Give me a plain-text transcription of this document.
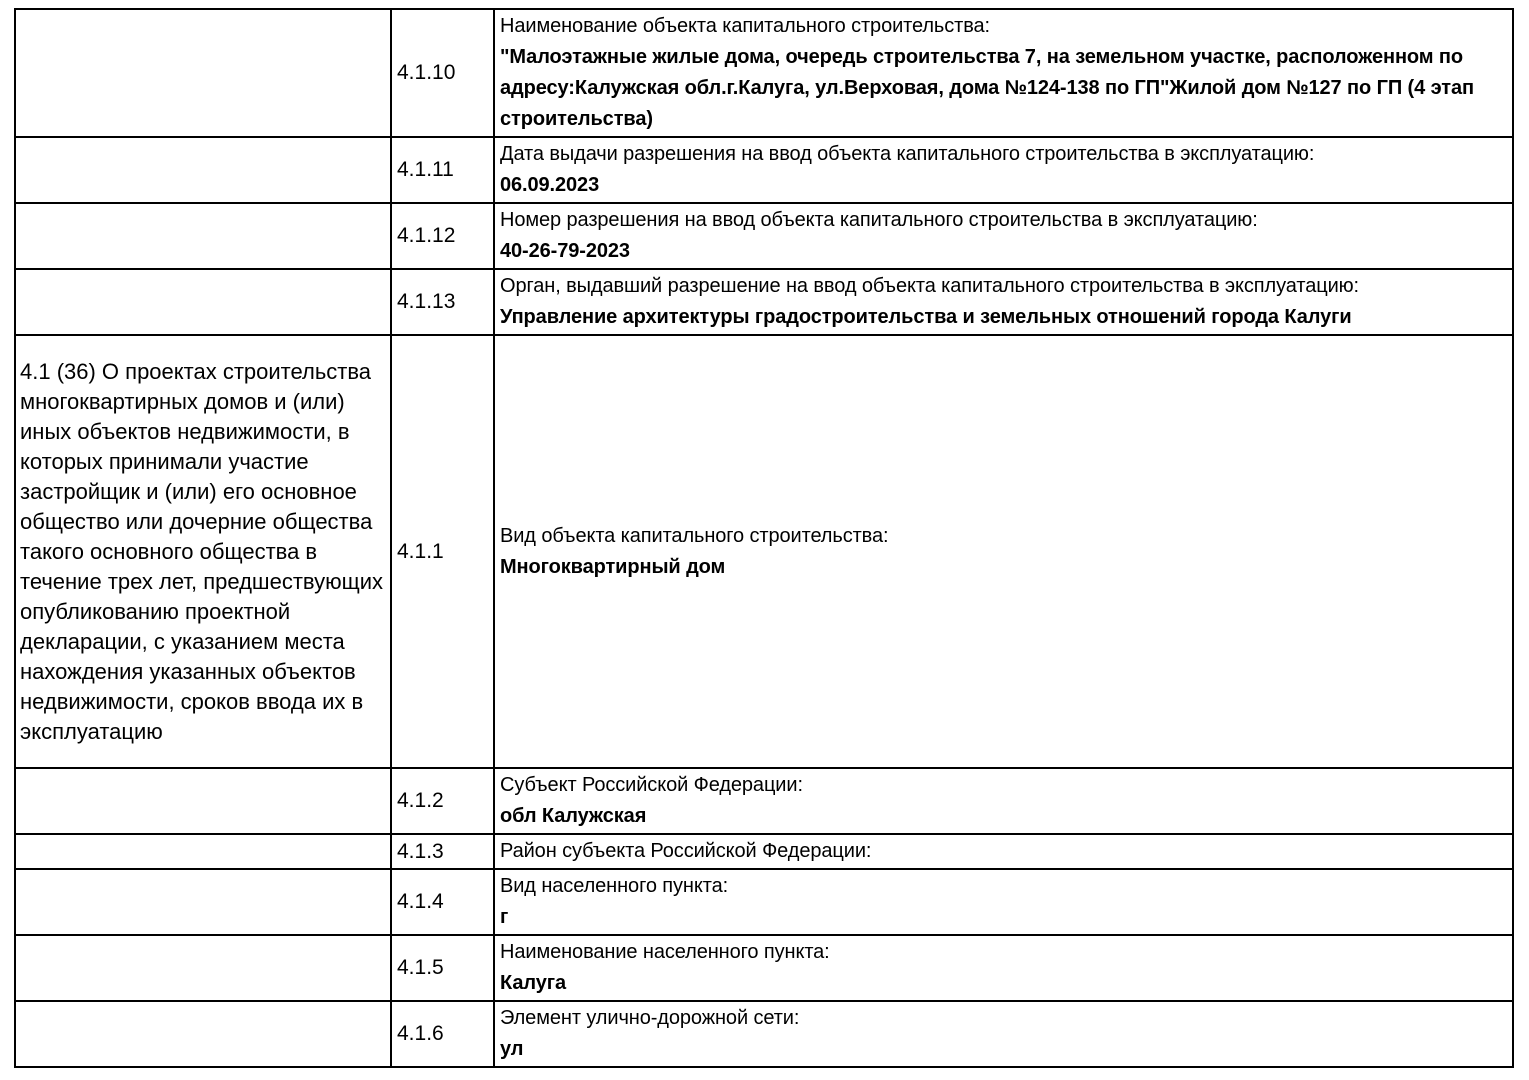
	4.1.10	Наименование объекта капитального строительства:
"Малоэтажные жилые дома, очередь строительства 7, на земельном участке, расположенном по адресу:Калужская обл.г.Калуга, ул.Верховая, дома №124-138 по ГП"Жилой дом №127 по ГП (4 этап строительства)

	4.1.11	Дата выдачи разрешения на ввод объекта капитального строительства в эксплуатацию:
06.09.2023

	4.1.12	Номер разрешения на ввод объекта капитального строительства в эксплуатацию:
40-26-79-2023

	4.1.13	Орган, выдавший разрешение на ввод объекта капитального строительства в эксплуатацию:
Управление архитектуры градостроительства и земельных отношений города Калуги

4.1 (36) О проектах строительства многоквартирных домов и (или) иных объектов недвижимости, в которых принимали участие застройщик и (или) его основное общество или дочерние общества такого основного общества в течение трех лет, предшествующих опубликованию проектной декларации, с указанием места нахождения указанных объектов недвижимости, сроков ввода их в эксплуатацию	4.1.1	Вид объекта капитального строительства:
Многоквартирный дом

	4.1.2	Субъект Российской Федерации:
обл Калужская

	4.1.3	Район субъекта Российской Федерации:

	4.1.4	Вид населенного пункта:
г

	4.1.5	Наименование населенного пункта:
Калуга

	4.1.6	Элемент улично-дорожной сети:
ул
